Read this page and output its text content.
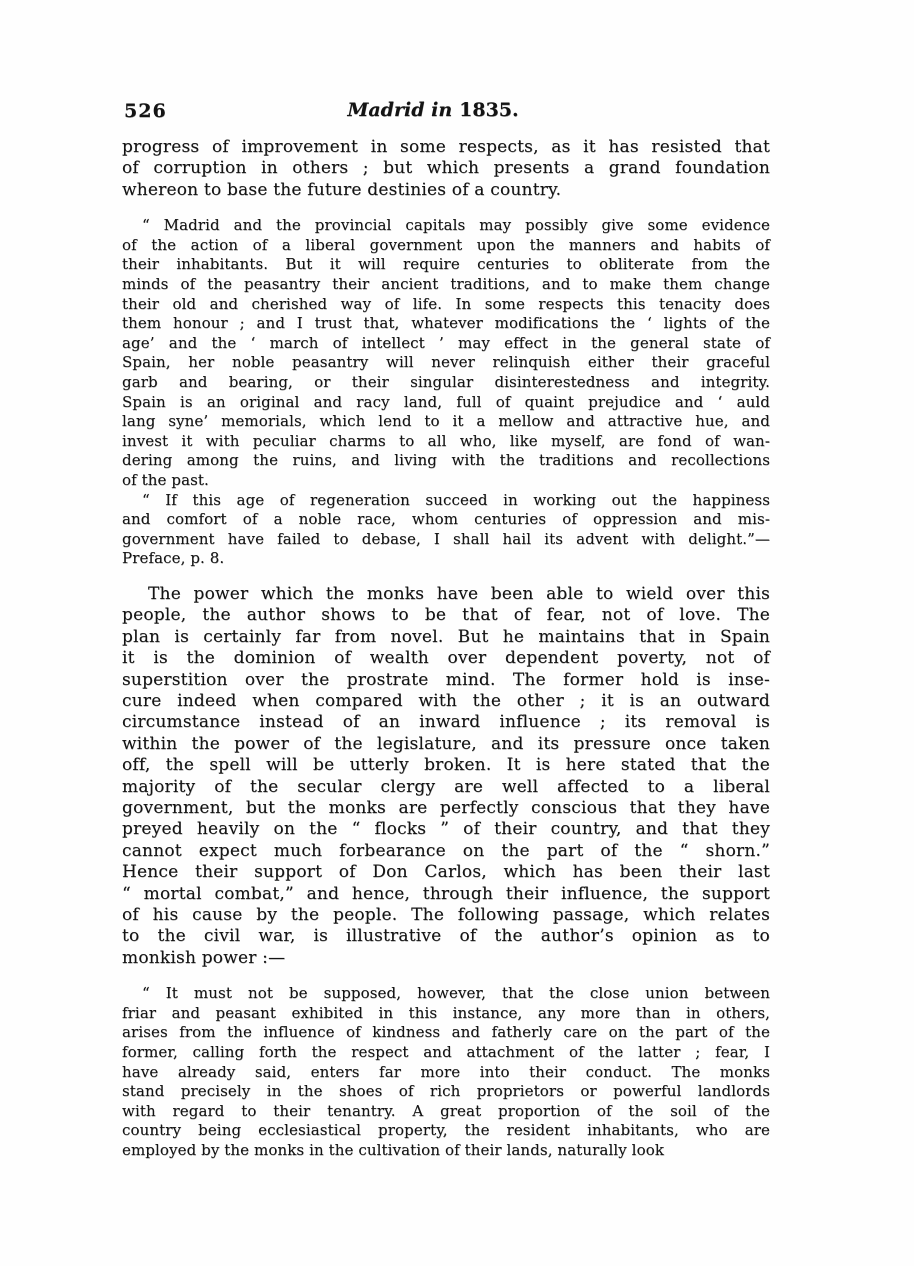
526	Madrid in 1835.
progress of improvement in some respects, as it has resisted that
of corruption in others ; but which presents a grand foundation
whereon to base the future destinies of a country.
“ Madrid and the provincial capitals may possibly give some evidence
of the action of a liberal government upon the manners and habits of
their inhabitants. But it will require centuries to obliterate from the
minds of the peasantry their ancient traditions, and to make them change
their old and cherished way of life. In some respects this tenacity does
them honour ; and I trust that, whatever modifications the ‘ lights of the
age’ and the ‘ march of intellect ’ may effect in the general state of
Spain, her noble peasantry will never relinquish either their graceful
garb and bearing, or their singular disinterestedness and integrity.
Spain is an original and racy land, full of quaint prejudice and ‘ auld
lang syne’ memorials, which lend to it a mellow and attractive hue, and
invest it with peculiar charms to all who, like myself, are fond of wan-
dering among the ruins, and living with the traditions and recollections
of the past.
“ If this age of regeneration succeed in working out the happiness
and comfort of a noble race, whom centuries of oppression and mis-
government have failed to debase, I shall hail its advent with delight.”—
Preface, p. 8.
The power which the monks have been able to wield over this
people, the author shows to be that of fear, not of love. The
plan is certainly far from novel. But he maintains that in Spain
it is the dominion of wealth over dependent poverty, not of
superstition over the prostrate mind. The former hold is inse-
cure indeed when compared with the other ; it is an outward
circumstance instead of an inward influence ; its removal is
within the power of the legislature, and its pressure once taken
off, the spell will be utterly broken. It is here stated that the
majority of the secular clergy are well affected to a liberal
government, but the monks are perfectly conscious that they have
preyed heavily on the “ flocks ” of their country, and that they
cannot expect much forbearance on the part of the “ shorn.”
Hence their support of Don Carlos, which has been their last
“ mortal combat,” and hence, through their influence, the support
of his cause by the people. The following passage, which relates
to the civil war, is illustrative of the author’s opinion as to
monkish power :—
“ It must not be supposed, however, that the close union between
friar and peasant exhibited in this instance, any more than in others,
arises from the influence of kindness and fatherly care on the part of the
former, calling forth the respect and attachment of the latter ; fear, I
have already said, enters far more into their conduct. The monks
stand precisely in the shoes of rich proprietors or powerful landlords
with regard to their tenantry. A great proportion of the soil of the
country being ecclesiastical property, the resident inhabitants, who are
employed by the monks in the cultivation of their lands, naturally look
